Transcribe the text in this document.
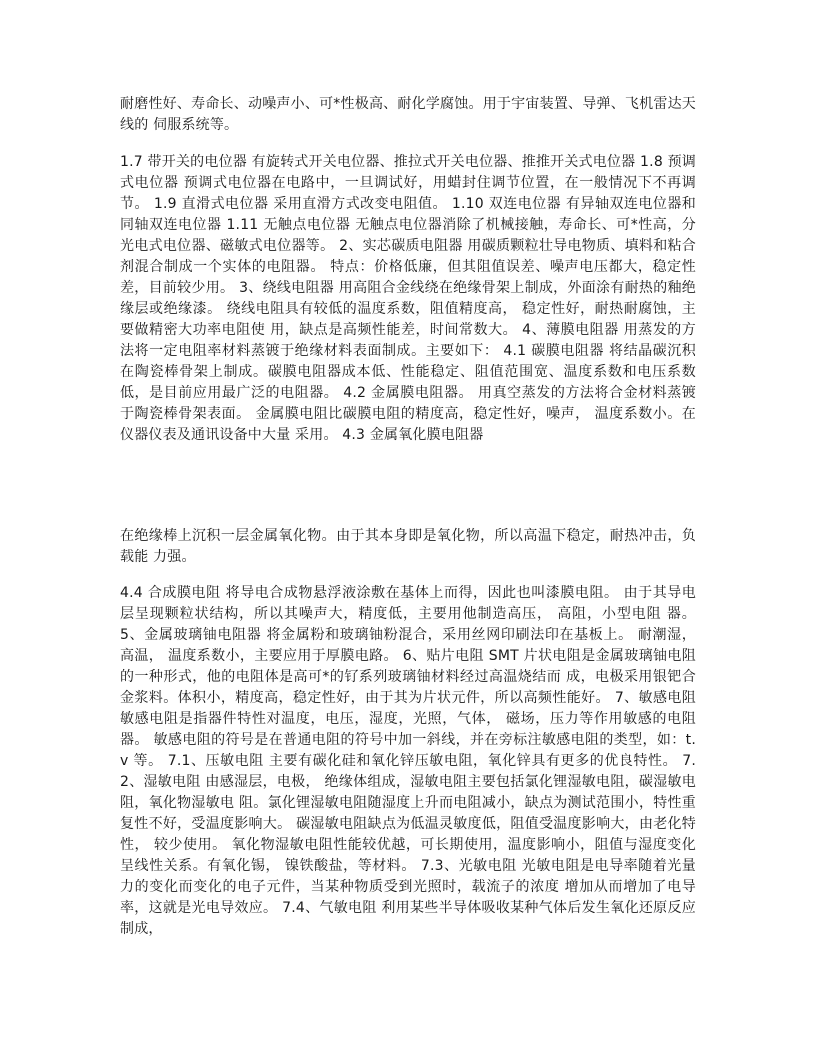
耐磨性好、寿命长、动噪声小、可*性极高、耐化学腐蚀。用于宇宙装置、导弹、飞机雷达天线的 伺服系统等。

1.7 带开关的电位器 有旋转式开关电位器、推拉式开关电位器、推推开关式电位器 1.8 预调式电位器 预调式电位器在电路中，一旦调试好，用蜡封住调节位置，在一般情况下不再调节。 1.9 直滑式电位器 采用直滑方式改变电阻值。 1.10 双连电位器 有异轴双连电位器和同轴双连电位器 1.11 无触点电位器 无触点电位器消除了机械接触，寿命长、可*性高，分光电式电位器、磁敏式电位器等。 2、实芯碳质电阻器 用碳质颗粒壮导电物质、填料和粘合剂混合制成一个实体的电阻器。 特点：价格低廉，但其阻值误差、噪声电压都大，稳定性差，目前较少用。 3、绕线电阻器 用高阻合金线绕在绝缘骨架上制成，外面涂有耐热的釉绝缘层或绝缘漆。 绕线电阻具有较低的温度系数，阻值精度高， 稳定性好，耐热耐腐蚀，主要做精密大功率电阻使 用，缺点是高频性能差，时间常数大。 4、薄膜电阻器 用蒸发的方法将一定电阻率材料蒸镀于绝缘材料表面制成。主要如下： 4.1 碳膜电阻器 将结晶碳沉积在陶瓷棒骨架上制成。碳膜电阻器成本低、性能稳定、阻值范围宽、温度系数和电压系数低，是目前应用最广泛的电阻器。 4.2 金属膜电阻器。 用真空蒸发的方法将合金材料蒸镀于陶瓷棒骨架表面。 金属膜电阻比碳膜电阻的精度高，稳定性好，噪声， 温度系数小。在仪器仪表及通讯设备中大量 采用。 4.3 金属氧化膜电阻器

在绝缘棒上沉积一层金属氧化物。由于其本身即是氧化物，所以高温下稳定，耐热冲击，负载能 力强。

4.4 合成膜电阻 将导电合成物悬浮液涂敷在基体上而得，因此也叫漆膜电阻。 由于其导电层呈现颗粒状结构，所以其噪声大，精度低，主要用他制造高压， 高阻，小型电阻 器。 5、金属玻璃铀电阻器 将金属粉和玻璃铀粉混合，采用丝网印刷法印在基板上。 耐潮湿， 高温， 温度系数小，主要应用于厚膜电路。 6、贴片电阻 SMT 片状电阻是金属玻璃铀电阻的一种形式，他的电阻体是高可*的钌系列玻璃铀材料经过高温烧结而 成，电极采用银钯合金浆料。体积小，精度高，稳定性好，由于其为片状元件，所以高频性能好。 7、敏感电阻 敏感电阻是指器件特性对温度，电压，湿度，光照，气体， 磁场，压力等作用敏感的电阻器。 敏感电阻的符号是在普通电阻的符号中加一斜线，并在旁标注敏感电阻的类型，如：t. v 等。 7.1、压敏电阻 主要有碳化硅和氧化锌压敏电阻，氧化锌具有更多的优良特性。 7.2、湿敏电阻 由感湿层，电极， 绝缘体组成，湿敏电阻主要包括氯化锂湿敏电阻，碳湿敏电阻，氧化物湿敏电 阻。氯化锂湿敏电阻随湿度上升而电阻减小，缺点为测试范围小，特性重复性不好，受温度影响大。 碳湿敏电阻缺点为低温灵敏度低，阻值受温度影响大，由老化特性， 较少使用。 氧化物湿敏电阻性能较优越，可长期使用，温度影响小，阻值与湿度变化呈线性关系。有氧化锡， 镍铁酸盐，等材料。 7.3、光敏电阻 光敏电阻是电导率随着光量力的变化而变化的电子元件，当某种物质受到光照时，载流子的浓度 增加从而增加了电导率，这就是光电导效应。 7.4、气敏电阻 利用某些半导体吸收某种气体后发生氧化还原反应制成，
